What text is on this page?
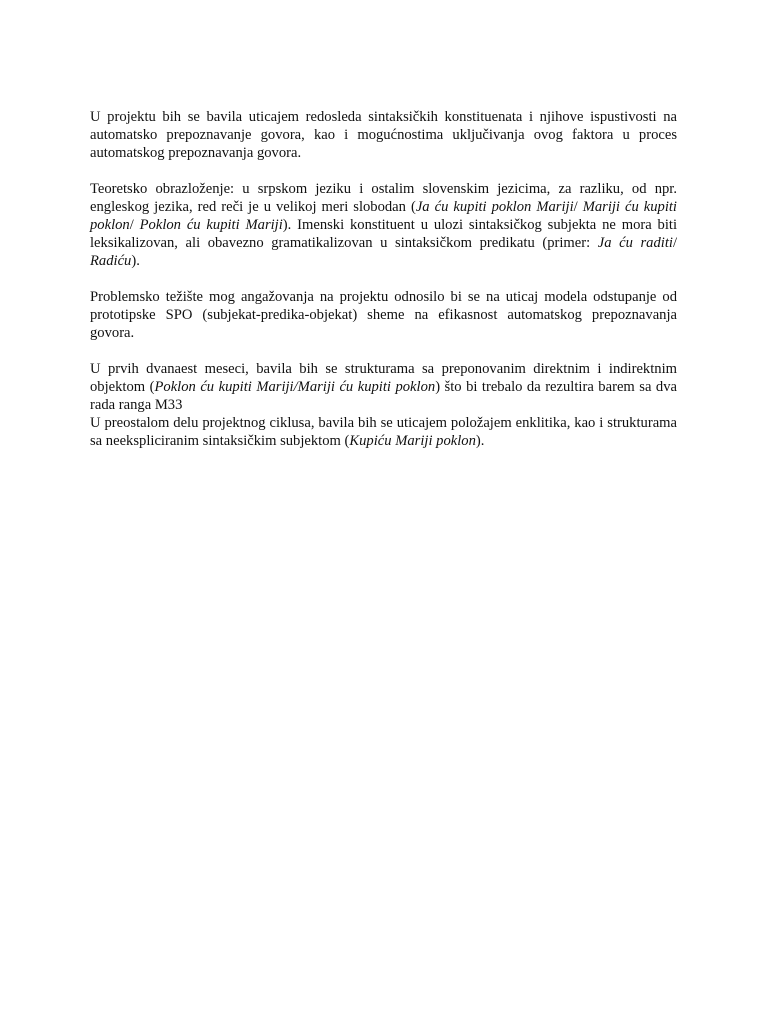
U projektu bih se bavila uticajem redosleda sintaksičkih konstituenata i njihove ispustivosti na automatsko prepoznavanje govora, kao i mogućnostima uključivanja ovog faktora u proces automatskog prepoznavanja govora.

Teoretsko obrazloženje: u srpskom jeziku i ostalim slovenskim jezicima, za razliku, od npr. engleskog jezika, red reči je u velikoj meri slobodan (Ja ću kupiti poklon Mariji/ Mariji ću kupiti poklon/ Poklon ću kupiti Mariji). Imenski konstituent u ulozi sintaksičkog subjekta ne mora biti leksikalizovan, ali obavezno gramatikalizovan u sintaksičkom predikatu (primer: Ja ću raditi/ Radiću).

Problemsko težište mog angažovanja na projektu odnosilo bi se na uticaj modela odstupanje od prototipske SPO (subjekat-predika-objekat) sheme na efikasnost automatskog prepoznavanja govora.

U prvih dvanaest meseci, bavila bih se strukturama sa preponovanim direktnim i indirektnim objektom (Poklon ću kupiti Mariji/Mariji ću kupiti poklon) što bi trebalo da rezultira barem sa dva rada ranga M33

U preostalom delu projektnog ciklusa, bavila bih se uticajem položajem enklitika, kao i strukturama sa neekspliciranim sintaksičkim subjektom (Kupiću Mariji poklon).
